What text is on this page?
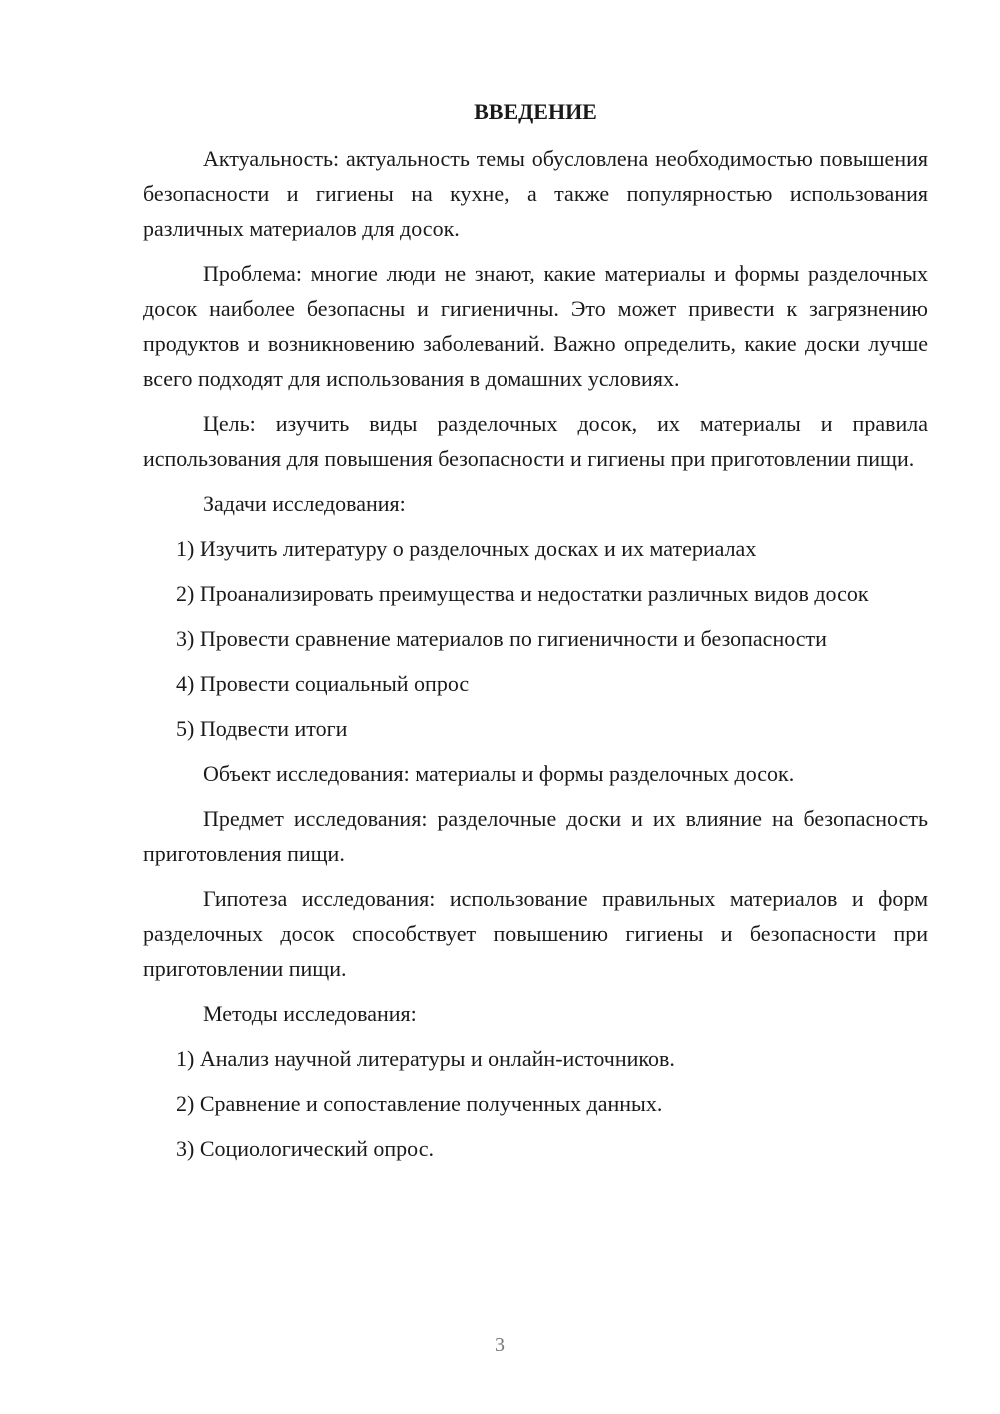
ВВЕДЕНИЕ

Актуальность: актуальность темы обусловлена необходимостью повышения безопасности и гигиены на кухне, а также популярностью использования различных материалов для досок.

Проблема: многие люди не знают, какие материалы и формы разделочных досок наиболее безопасны и гигиеничны. Это может привести к загрязнению продуктов и возникновению заболеваний. Важно определить, какие доски лучше всего подходят для использования в домашних условиях.

Цель: изучить виды разделочных досок, их материалы и правила использования для повышения безопасности и гигиены при приготовлении пищи.

Задачи исследования:

1) Изучить литературу о разделочных досках и их материалах

2) Проанализировать преимущества и недостатки различных видов досок

3) Провести сравнение материалов по гигиеничности и безопасности

4) Провести социальный опрос

5) Подвести итоги

Объект исследования: материалы и формы разделочных досок.

Предмет исследования: разделочные доски и их влияние на безопасность приготовления пищи.

Гипотеза исследования: использование правильных материалов и форм разделочных досок способствует повышению гигиены и безопасности при приготовлении пищи.

Методы исследования:

1) Анализ научной литературы и онлайн-источников.

2) Сравнение и сопоставление полученных данных.

3) Социологический опрос.

3
